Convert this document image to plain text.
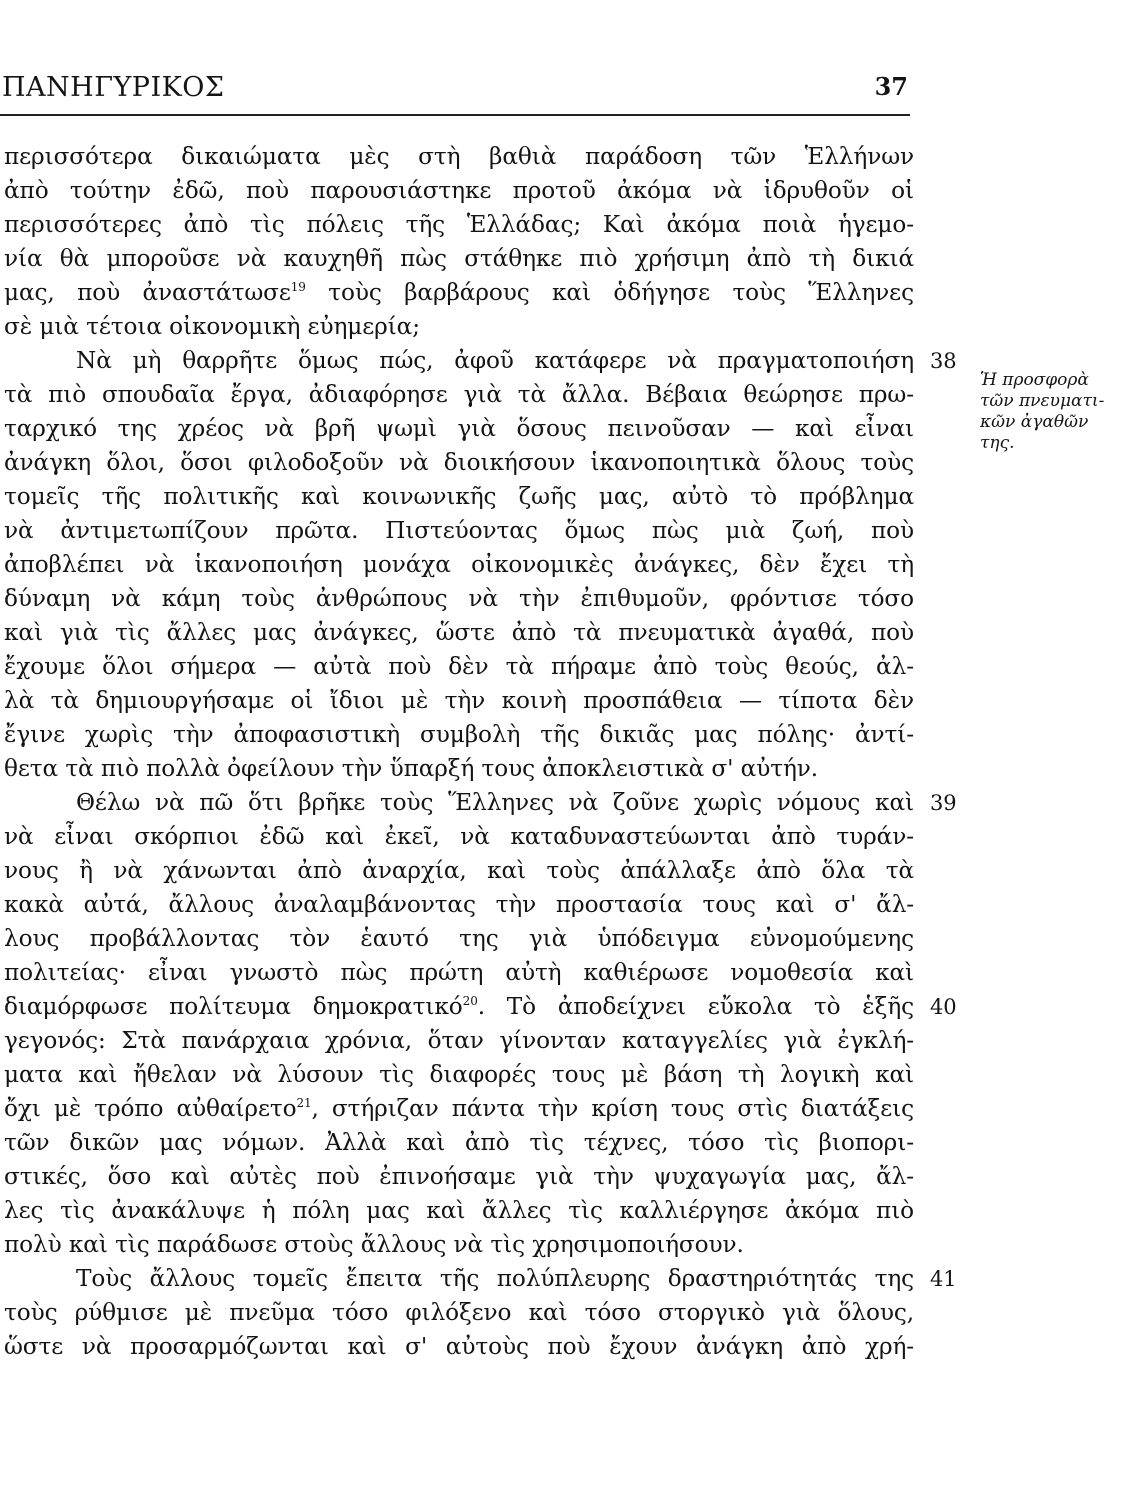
ΠΑΝΗΓΥΡΙΚΟΣ	37
περισσότερα δικαιώματα μὲς στὴ βαθιὰ παράδοση τῶν Ἑλλήνων
ἀπὸ τούτην ἐδῶ, ποὺ παρουσιάστηκε προτοῦ ἀκόμα νὰ ἱδρυθοῦν οἱ
περισσότερες ἀπὸ τὶς πόλεις τῆς Ἑλλάδας; Καὶ ἀκόμα ποιὰ ἡγεμο-
νία θὰ μποροῦσε νὰ καυχηθῆ πὼς στάθηκε πιὸ χρήσιμη ἀπὸ τὴ δικιά
μας, ποὺ ἀναστάτωσε$^{19}$ τοὺς βαρβάρους καὶ ὁδήγησε τοὺς Ἕλληνες
σὲ μιὰ τέτοια οἰκονομικὴ εὐημερία;
Νὰ μὴ θαρρῆτε ὅμως πώς, ἀφοῦ κατάφερε νὰ πραγματοποιήση 38
τὰ πιὸ σπουδαῖα ἔργα, ἀδιαφόρησε γιὰ τὰ ἄλλα. Βέβαια θεώρησε πρω-
ταρχικό της χρέος νὰ βρῆ ψωμὶ γιὰ ὅσους πεινοῦσαν — καὶ εἶναι
ἀνάγκη ὅλοι, ὅσοι φιλοδοξοῦν νὰ διοικήσουν ἱκανοποιητικὰ ὅλους τοὺς
τομεῖς τῆς πολιτικῆς καὶ κοινωνικῆς ζωῆς μας, αὐτὸ τὸ πρόβλημα
νὰ ἀντιμετωπίζουν πρῶτα. Πιστεύοντας ὅμως πὼς μιὰ ζωή, ποὺ
ἀποβλέπει νὰ ἱκανοποιήση μονάχα οἰκονομικὲς ἀνάγκες, δὲν ἔχει τὴ
δύναμη νὰ κάμη τοὺς ἀνθρώπους νὰ τὴν ἐπιθυμοῦν, φρόντισε τόσο
καὶ γιὰ τὶς ἄλλες μας ἀνάγκες, ὥστε ἀπὸ τὰ πνευματικὰ ἀγαθά, ποὺ
ἔχουμε ὅλοι σήμερα — αὐτὰ ποὺ δὲν τὰ πήραμε ἀπὸ τοὺς θεούς, ἀλ-
λὰ τὰ δημιουργήσαμε οἱ ἴδιοι μὲ τὴν κοινὴ προσπάθεια — τίποτα δὲν
ἔγινε χωρὶς τὴν ἀποφασιστικὴ συμβολὴ τῆς δικιᾶς μας πόλης· ἀντί-
θετα τὰ πιὸ πολλὰ ὀφείλουν τὴν ὕπαρξή τους ἀποκλειστικὰ σ' αὐτήν.
Θέλω νὰ πῶ ὅτι βρῆκε τοὺς Ἕλληνες νὰ ζοῦνε χωρὶς νόμους καὶ 39
νὰ εἶναι σκόρπιοι ἐδῶ καὶ ἐκεῖ, νὰ καταδυναστεύωνται ἀπὸ τυράν-
νους ἢ νὰ χάνωνται ἀπὸ ἀναρχία, καὶ τοὺς ἀπάλλαξε ἀπὸ ὅλα τὰ
κακὰ αὐτά, ἄλλους ἀναλαμβάνοντας τὴν προστασία τους καὶ σ' ἄλ-
λους προβάλλοντας τὸν ἑαυτό της γιὰ ὑπόδειγμα εὐνομούμενης
πολιτείας· εἶναι γνωστὸ πὼς πρώτη αὐτὴ καθιέρωσε νομοθεσία καὶ
διαμόρφωσε πολίτευμα δημοκρατικό$^{20}$. Τὸ ἀποδείχνει εὔκολα τὸ ἑξῆς 40
γεγονός: Στὰ πανάρχαια χρόνια, ὅταν γίνονταν καταγγελίες γιὰ ἐγκλή-
ματα καὶ ἤθελαν νὰ λύσουν τὶς διαφορές τους μὲ βάση τὴ λογικὴ καὶ
ὄχι μὲ τρόπο αὐθαίρετο$^{21}$, στήριζαν πάντα τὴν κρίση τους στὶς διατάξεις
τῶν δικῶν μας νόμων. Ἀλλὰ καὶ ἀπὸ τὶς τέχνες, τόσο τὶς βιοπορι-
στικές, ὅσο καὶ αὐτὲς ποὺ ἐπινοήσαμε γιὰ τὴν ψυχαγωγία μας, ἄλ-
λες τὶς ἀνακάλυψε ἡ πόλη μας καὶ ἄλλες τὶς καλλιέργησε ἀκόμα πιὸ
πολὺ καὶ τὶς παράδωσε στοὺς ἄλλους νὰ τὶς χρησιμοποιήσουν.
Τοὺς ἄλλους τομεῖς ἔπειτα τῆς πολύπλευρης δραστηριότητάς της 41
τοὺς ρύθμισε μὲ πνεῦμα τόσο φιλόξενο καὶ τόσο στοργικὸ γιὰ ὅλους,
ὥστε νὰ προσαρμόζωνται καὶ σ' αὐτοὺς ποὺ ἔχουν ἀνάγκη ἀπὸ χρή-
Ἡ προσφορὰ
τῶν πνευματι-
κῶν ἀγαθῶν
της.
